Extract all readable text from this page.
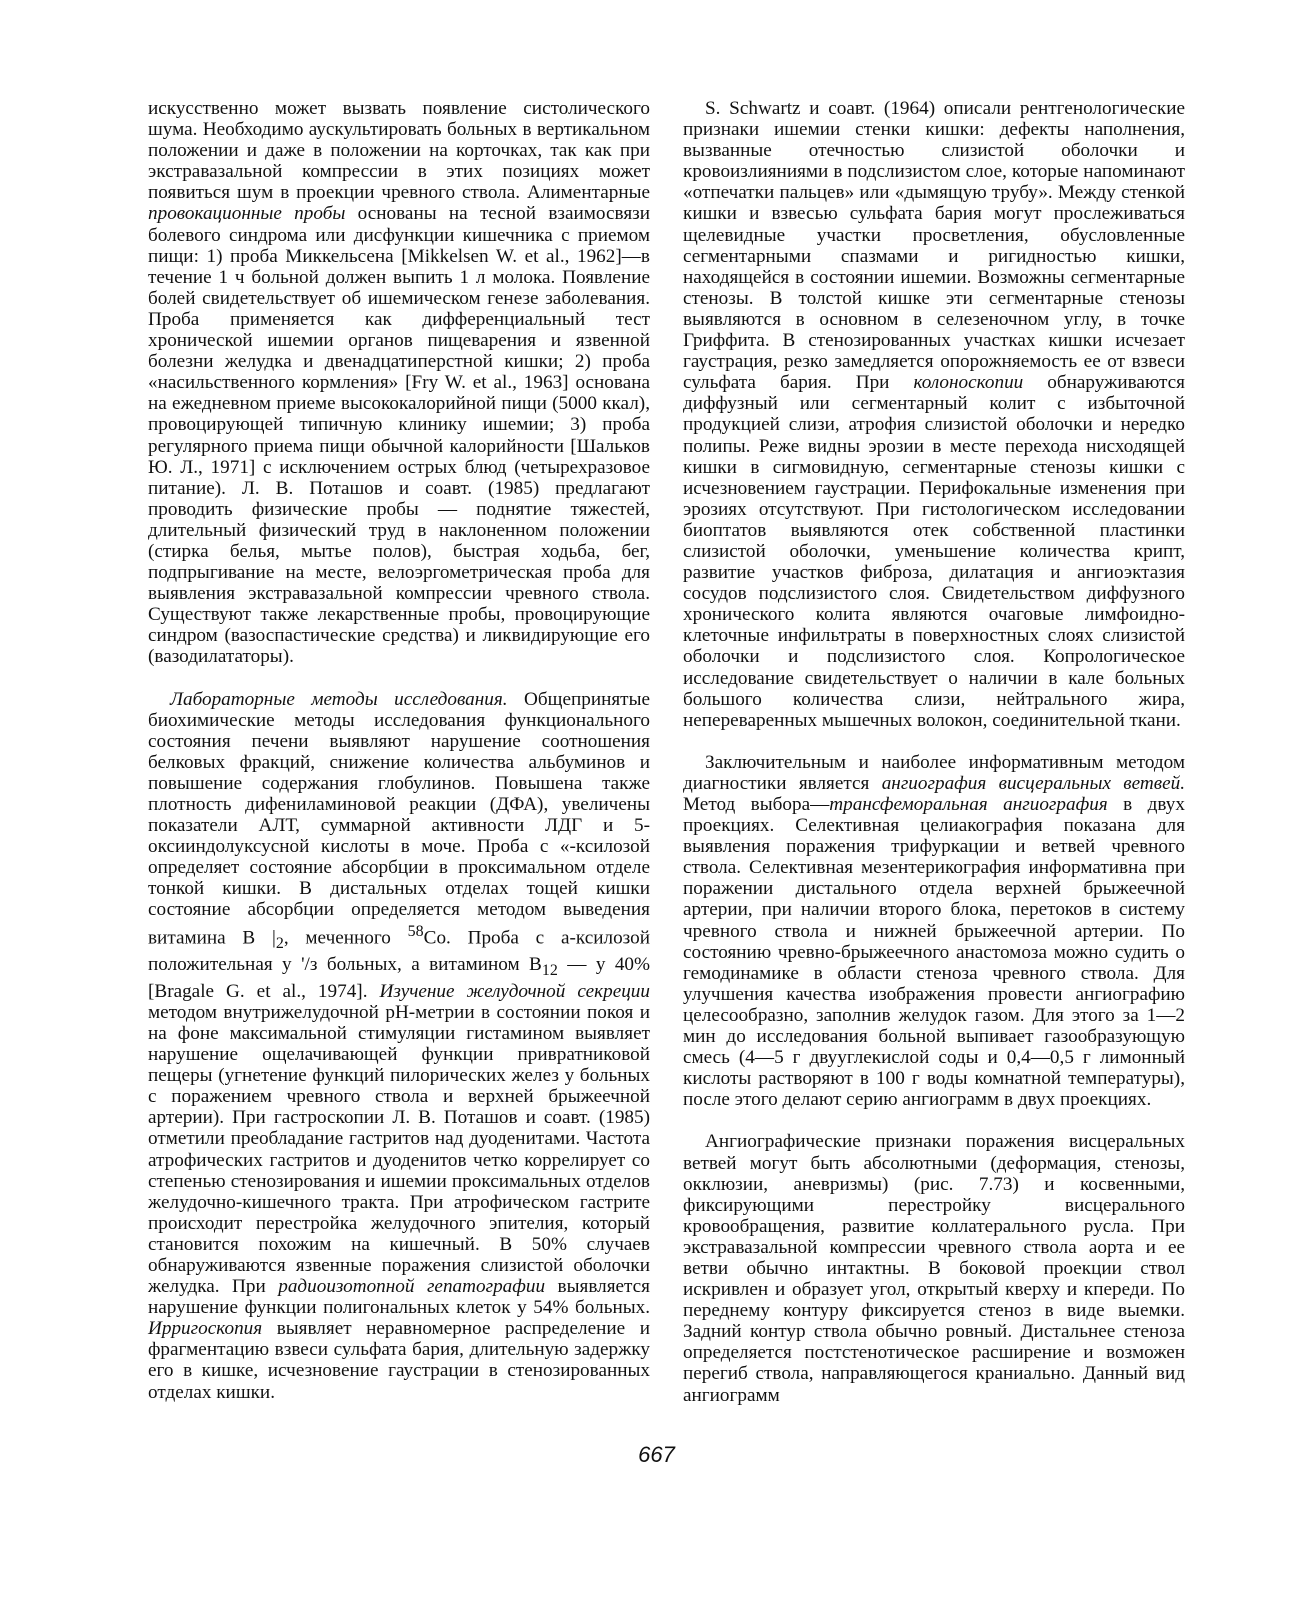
искусственно может вызвать появление систолического шума. Необходимо аускультировать больных в вертикальном положении и даже в положении на корточках, так как при экстравазальной компрессии в этих позициях может появиться шум в проекции чревного ствола. Алиментарные провокационные пробы основаны на тесной взаимосвязи болевого синдрома или дисфункции кишечника с приемом пищи: 1) проба Миккельсена [Mikkelsen W. et al., 1962]—в течение 1 ч больной должен выпить 1 л молока. Появление болей свидетельствует об ишемическом генезе заболевания. Проба применяется как дифференциальный тест хронической ишемии органов пищеварения и язвенной болезни желудка и двенадцатиперстной кишки; 2) проба «насильственного кормления» [Fry W. et al., 1963] основана на ежедневном приеме высококалорийной пищи (5000 ккал), провоцирующей типичную клинику ишемии; 3) проба регулярного приема пищи обычной калорийности [Шальков Ю. Л., 1971] с исключением острых блюд (четырехразовое питание). Л. В. Поташов и соавт. (1985) предлагают проводить физические пробы — поднятие тяжестей, длительный физический труд в наклоненном положении (стирка белья, мытье полов), быстрая ходьба, бег, подпрыгивание на месте, велоэргометрическая проба для выявления экстравазальной компрессии чревного ствола. Существуют также лекарственные пробы, провоцирующие синдром (вазоспастические средства) и ликвидирующие его (вазодилататоры).

Лабораторные методы исследования. Общепринятые биохимические методы исследования функционального состояния печени выявляют нарушение соотношения белковых фракций, снижение количества альбуминов и повышение содержания глобулинов. Повышена также плотность дифениламиновой реакции (ДФА), увеличены показатели АЛТ, суммарной активности ЛДГ и 5-оксииндолуксусной кислоты в моче. Проба с «-ксилозой определяет состояние абсорбции в проксимальном отделе тонкой кишки. В дистальных отделах тощей кишки состояние абсорбции определяется методом выведения витамина В $|_2$, меченного $^{58}$Со. Проба с а-ксилозой положительная у '/з больных, а витамином $В_{12}$ — у 40% [Bragale G. et al., 1974]. Изучение желудочной секреции методом внутрижелудочной рН-метрии в состоянии покоя и на фоне максимальной стимуляции гистамином выявляет нарушение ощелачивающей функции привратниковой пещеры (угнетение функций пилорических желез у больных с поражением чревного ствола и верхней брыжеечной артерии). При гастроскопии Л. В. Поташов и соавт. (1985) отметили преобладание гастритов над дуоденитами. Частота атрофических гастритов и дуоденитов четко коррелирует со степенью стенозирования и ишемии проксимальных отделов желудочно-кишечного тракта. При атрофическом гастрите происходит перестройка желудочного эпителия, который становится похожим на кишечный. В 50% случаев обнаруживаются язвенные поражения слизистой оболочки желудка. При радиоизотопной гепатографии выявляется нарушение функции полигональных клеток у 54% больных. Ирригоскопия выявляет неравномерное распределение и фрагментацию взвеси сульфата бария, длительную задержку его в кишке, исчезновение гаустрации в стенозированных отделах кишки.

S. Schwartz и соавт. (1964) описали рентгенологические признаки ишемии стенки кишки: дефекты наполнения, вызванные отечностью слизистой оболочки и кровоизлияниями в подслизистом слое, которые напоминают «отпечатки пальцев» или «дымящую трубу». Между стенкой кишки и взвесью сульфата бария могут прослеживаться щелевидные участки просветления, обусловленные сегментарными спазмами и ригидностью кишки, находящейся в состоянии ишемии. Возможны сегментарные стенозы. В толстой кишке эти сегментарные стенозы выявляются в основном в селезеночном углу, в точке Гриффита. В стенозированных участках кишки исчезает гаустрация, резко замедляется опорожняемость ее от взвеси сульфата бария. При колоноскопии обнаруживаются диффузный или сегментарный колит с избыточной продукцией слизи, атрофия слизистой оболочки и нередко полипы. Реже видны эрозии в месте перехода нисходящей кишки в сигмовидную, сегментарные стенозы кишки с исчезновением гаустрации. Перифокальные изменения при эрозиях отсутствуют. При гистологическом исследовании биоптатов выявляются отек собственной пластинки слизистой оболочки, уменьшение количества крипт, развитие участков фиброза, дилатация и ангиоэктазия сосудов подслизистого слоя. Свидетельством диффузного хронического колита являются очаговые лимфоидно-клеточные инфильтраты в поверхностных слоях слизистой оболочки и подслизистого слоя. Копрологическое исследование свидетельствует о наличии в кале больных большого количества слизи, нейтрального жира, непереваренных мышечных волокон, соединительной ткани.

Заключительным и наиболее информативным методом диагностики является ангиография висцеральных ветвей. Метод выбора—трансфеморальная ангиография в двух проекциях. Селективная целиакография показана для выявления поражения трифуркации и ветвей чревного ствола. Селективная мезентерикография информативна при поражении дистального отдела верхней брыжеечной артерии, при наличии второго блока, перетоков в систему чревного ствола и нижней брыжеечной артерии. По состоянию чревно-брыжеечного анастомоза можно судить о гемодинамике в области стеноза чревного ствола. Для улучшения качества изображения провести ангиографию целесообразно, заполнив желудок газом. Для этого за 1—2 мин до исследования больной выпивает газообразующую смесь (4—5 г двууглекислой соды и 0,4—0,5 г лимонный кислоты растворяют в 100 г воды комнатной температуры), после этого делают серию ангиограмм в двух проекциях.

Ангиографические признаки поражения висцеральных ветвей могут быть абсолютными (деформация, стенозы, окклюзии, аневризмы) (рис. 7.73) и косвенными, фиксирующими перестройку висцерального кровообращения, развитие коллатерального русла. При экстравазальной компрессии чревного ствола аорта и ее ветви обычно интактны. В боковой проекции ствол искривлен и образует угол, открытый кверху и кпереди. По переднему контуру фиксируется стеноз в виде выемки. Задний контур ствола обычно ровный. Дистальнее стеноза определяется постстенотическое расширение и возможен перегиб ствола, направляющегося краниально. Данный вид ангиограмм

667
